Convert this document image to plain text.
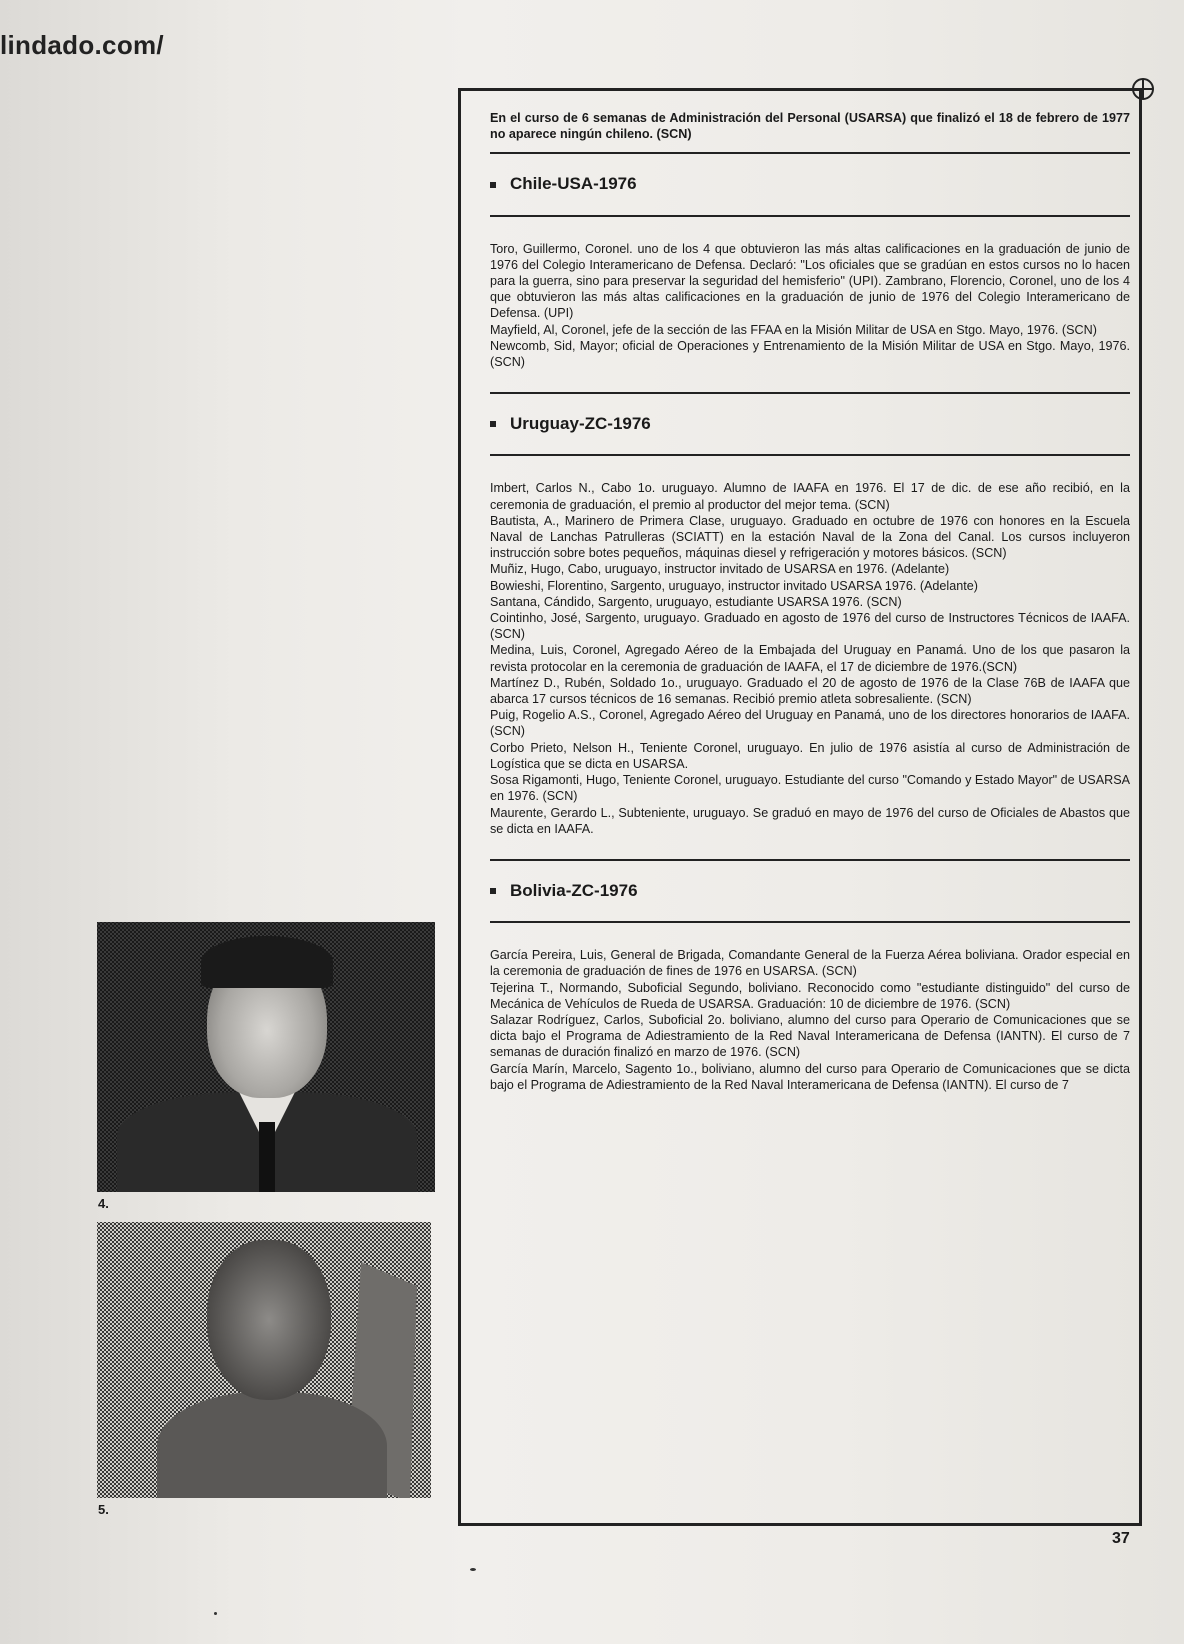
lindado.com/

En el curso de 6 semanas de Administración del Personal (USARSA) que finalizó el 18 de febrero de 1977 no aparece ningún chileno. (SCN)

Chile-USA-1976

Toro, Guillermo, Coronel. uno de los 4 que obtuvieron las más altas calificaciones en la graduación de junio de 1976 del Colegio Interamericano de Defensa. Declaró: "Los oficiales que se gradúan en estos cursos no lo hacen para la guerra, sino para preservar la seguridad del hemisferio" (UPI). Zambrano, Florencio, Coronel, uno de los 4 que obtuvieron las más altas calificaciones en la graduación de junio de 1976 del Colegio Interamericano de Defensa. (UPI)

Mayfield, Al, Coronel, jefe de la sección de las FFAA en la Misión Militar de USA en Stgo. Mayo, 1976. (SCN)

Newcomb, Sid, Mayor; oficial de Operaciones y Entrenamiento de la Misión Militar de USA en Stgo. Mayo, 1976. (SCN)

Uruguay-ZC-1976

Imbert, Carlos N., Cabo 1o. uruguayo. Alumno de IAAFA en 1976. El 17 de dic. de ese año recibió, en la ceremonia de graduación, el premio al productor del mejor tema. (SCN)

Bautista, A., Marinero de Primera Clase, uruguayo. Graduado en octubre de 1976 con honores en la Escuela Naval de Lanchas Patrulleras (SCIATT) en la estación Naval de la Zona del Canal. Los cursos incluyeron instrucción sobre botes pequeños, máquinas diesel y refrigeración y motores básicos. (SCN)

Muñiz, Hugo, Cabo, uruguayo, instructor invitado de USARSA en 1976. (Adelante)

Bowieshi, Florentino, Sargento, uruguayo, instructor invitado USARSA 1976. (Adelante)

Santana, Cándido, Sargento, uruguayo, estudiante USARSA 1976. (SCN)

Cointinho, José, Sargento, uruguayo. Graduado en agosto de 1976 del curso de Instructores Técnicos de IAAFA. (SCN)

Medina, Luis, Coronel, Agregado Aéreo de la Embajada del Uruguay en Panamá. Uno de los que pasaron la revista protocolar en la ceremonia de graduación de IAAFA, el 17 de diciembre de 1976.(SCN)

Martínez D., Rubén, Soldado 1o., uruguayo. Graduado el 20 de agosto de 1976 de la Clase 76B de IAAFA que abarca 17 cursos técnicos de 16 semanas. Recibió premio atleta sobresaliente. (SCN)

Puig, Rogelio A.S., Coronel, Agregado Aéreo del Uruguay en Panamá, uno de los directores honorarios de IAAFA. (SCN)

Corbo Prieto, Nelson H., Teniente Coronel, uruguayo. En julio de 1976 asistía al curso de Administración de Logística que se dicta en USARSA.

Sosa Rigamonti, Hugo, Teniente Coronel, uruguayo. Estudiante del curso "Comando y Estado Mayor" de USARSA en 1976. (SCN)

Maurente, Gerardo L., Subteniente, uruguayo. Se graduó en mayo de 1976 del curso de Oficiales de Abastos que se dicta en IAAFA.

Bolivia-ZC-1976

García Pereira, Luis, General de Brigada, Comandante General de la Fuerza Aérea boliviana. Orador especial en la ceremonia de graduación de fines de 1976 en USARSA. (SCN)

Tejerina T., Normando, Suboficial Segundo, boliviano. Reconocido como "estudiante distinguido" del curso de Mecánica de Vehículos de Rueda de USARSA. Graduación: 10 de diciembre de 1976. (SCN)

Salazar Rodríguez, Carlos, Suboficial 2o. boliviano, alumno del curso para Operario de Comunicaciones que se dicta bajo el Programa de Adiestramiento de la Red Naval Interamericana de Defensa (IANTN). El curso de 7 semanas de duración finalizó en marzo de 1976. (SCN)

García Marín, Marcelo, Sagento 1o., boliviano, alumno del curso para Operario de Comunicaciones que se dicta bajo el Programa de Adiestramiento de la Red Naval Interamericana de Defensa (IANTN). El curso de 7

4.
5.
37
